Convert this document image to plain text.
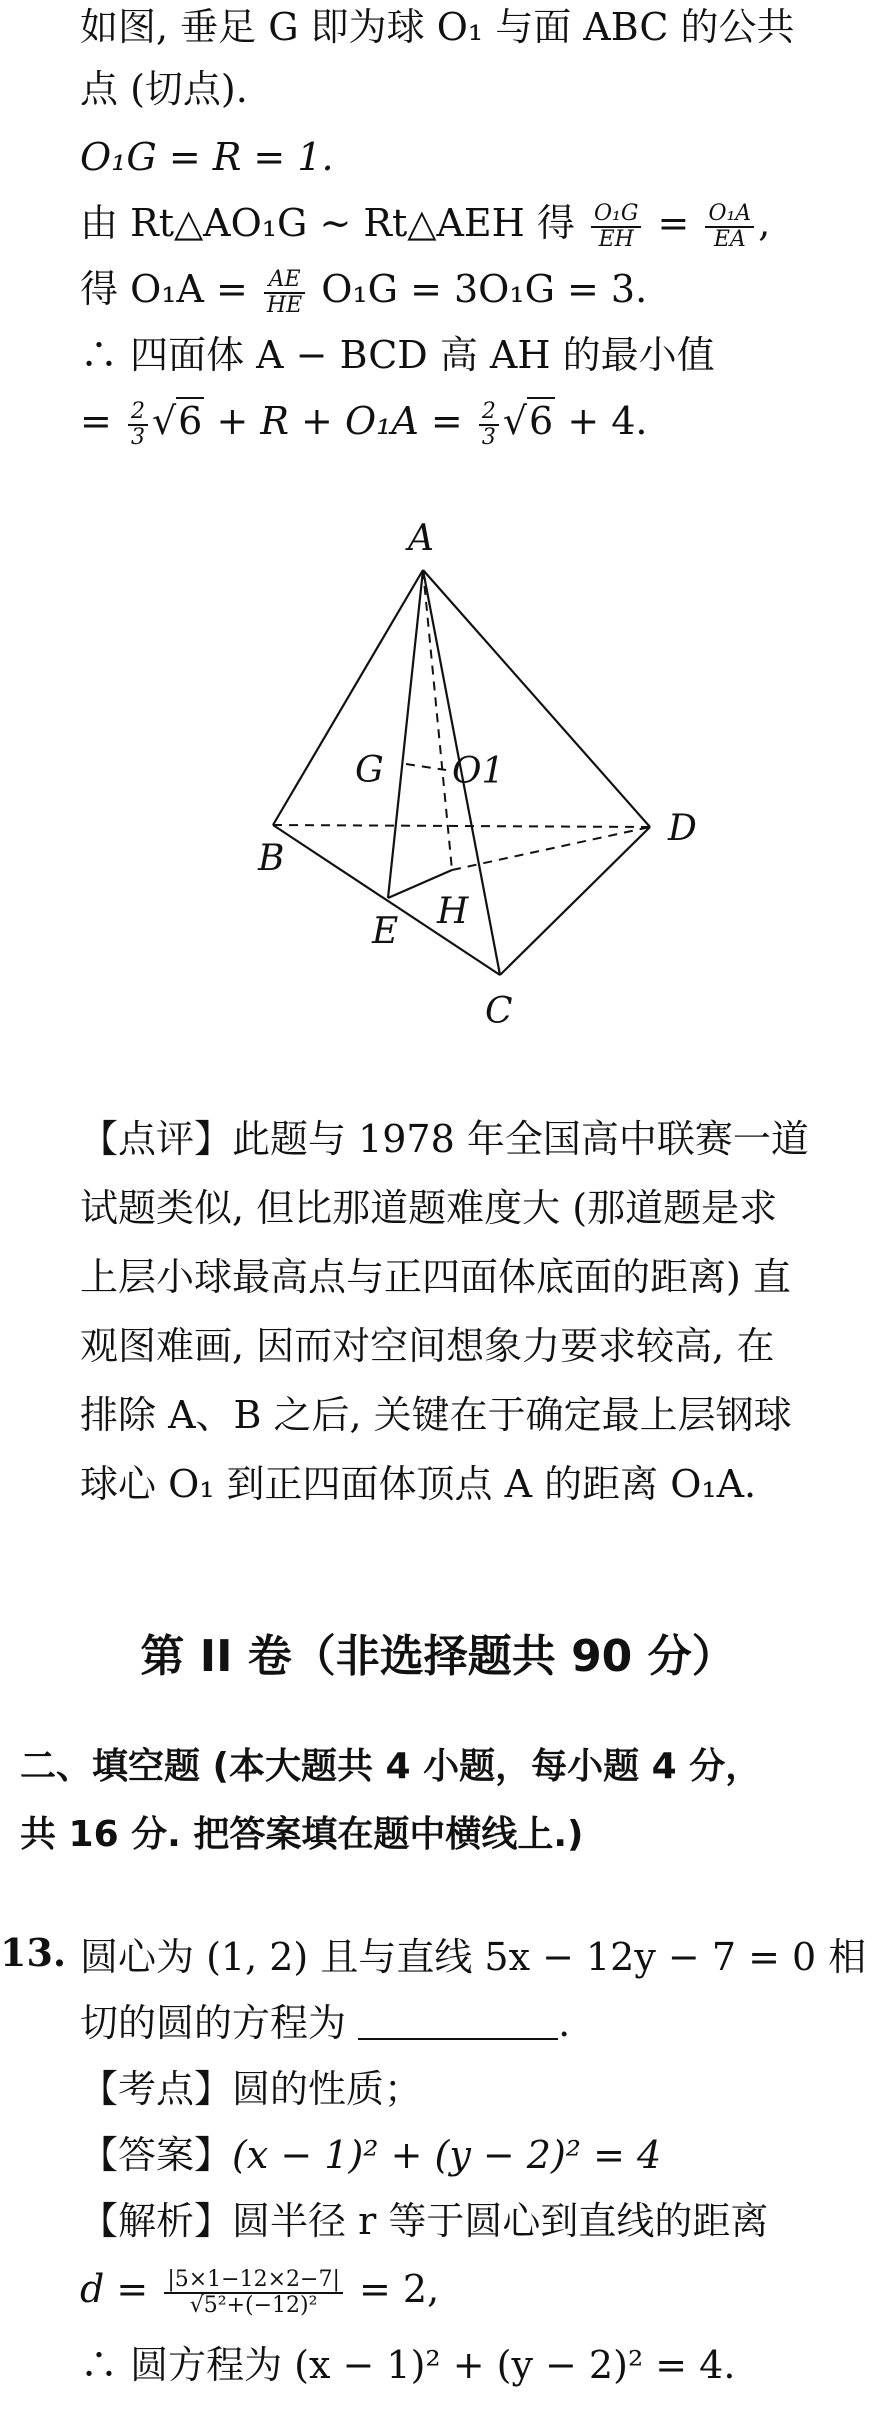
如图, 垂足 G 即为球 O₁ 与面 ABC 的公共
点 (切点).
O₁G = R = 1.
由 Rt△AO₁G ∼ Rt△AEH 得 $\frac{\text{O₁G}}{EH} = \frac{\text{O₁A}}{EA}$ ,
得 $O_1A = \frac{AE}{HE} O_1G = 3O_1G = 3$.
∴ 四面体 A − BCD 高 AH 的最小值
= $\frac{2}{3} √6 + R + O_1A = \frac{2}{3} √6 + 4$.
A
B
C
D
E
G
H
O1
【点评】此题与 1978 年全国高中联赛一道
试题类似, 但比那道题难度大 (那道题是求
上层小球最高点与正四面体底面的距离) 直
观图难画, 因而对空间想象力要求较高, 在
排除 A、B 之后, 关键在于确定最上层钢球
球心 O₁ 到正四面体顶点 A 的距离 O₁A.
第 II 卷（非选择题共 90 分）
二、填空题 (本大题共 4 小题，每小题 4 分，
共 16 分. 把答案填在题中横线上.)
13. 圆心为 (1, 2) 且与直线 5x − 12y − 7 = 0 相
切的圆的方程为	.
【考点】圆的性质；
【答案】(x − 1)² + (y − 2)² = 4
【解析】圆半径 r 等于圆心到直线的距离
$d = \frac{|5\times 1-12\times 2-7|}{\text{√5²+(−12)²}} = 2$,
∴ 圆方程为 (x − 1)² + (y − 2)² = 4.
